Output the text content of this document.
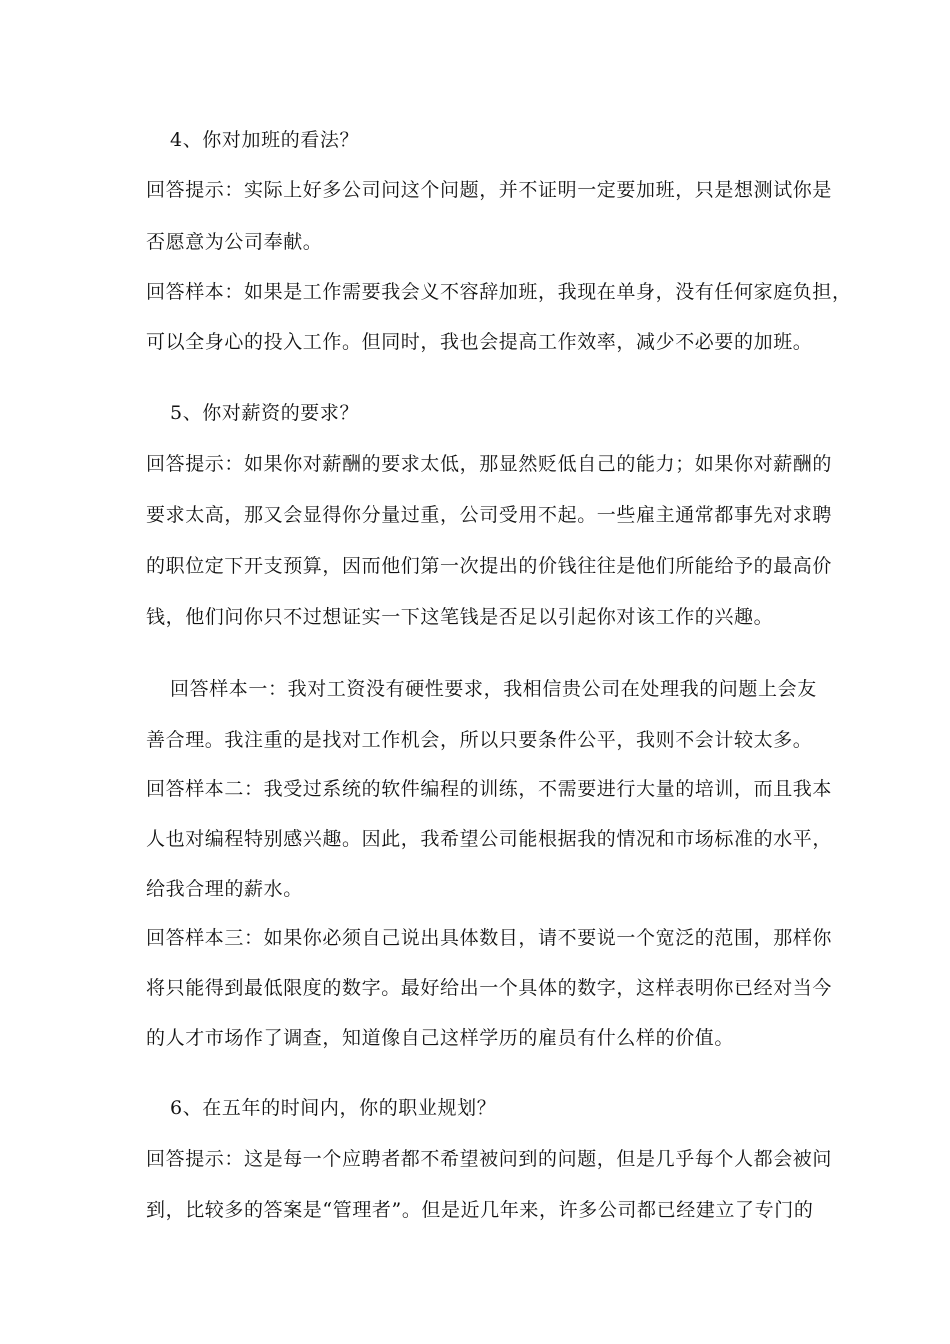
4、你对加班的看法？
回答提示：实际上好多公司问这个问题，并不证明一定要加班，只是想测试你是
否愿意为公司奉献。
回答样本：如果是工作需要我会义不容辞加班，我现在单身，没有任何家庭负担，
可以全身心的投入工作。但同时，我也会提高工作效率，减少不必要的加班。
5、你对薪资的要求？
回答提示：如果你对薪酬的要求太低，那显然贬低自己的能力；如果你对薪酬的
要求太高，那又会显得你分量过重，公司受用不起。一些雇主通常都事先对求聘
的职位定下开支预算，因而他们第一次提出的价钱往往是他们所能给予的最高价
钱，他们问你只不过想证实一下这笔钱是否足以引起你对该工作的兴趣。
回答样本一：我对工资没有硬性要求，我相信贵公司在处理我的问题上会友
善合理。我注重的是找对工作机会，所以只要条件公平，我则不会计较太多。
回答样本二：我受过系统的软件编程的训练，不需要进行大量的培训，而且我本
人也对编程特别感兴趣。因此，我希望公司能根据我的情况和市场标准的水平，
给我合理的薪水。
回答样本三：如果你必须自己说出具体数目，请不要说一个宽泛的范围，那样你
将只能得到最低限度的数字。最好给出一个具体的数字，这样表明你已经对当今
的人才市场作了调查，知道像自己这样学历的雇员有什么样的价值。
6、在五年的时间内，你的职业规划？
回答提示：这是每一个应聘者都不希望被问到的问题，但是几乎每个人都会被问
到，比较多的答案是“管理者”。但是近几年来，许多公司都已经建立了专门的
